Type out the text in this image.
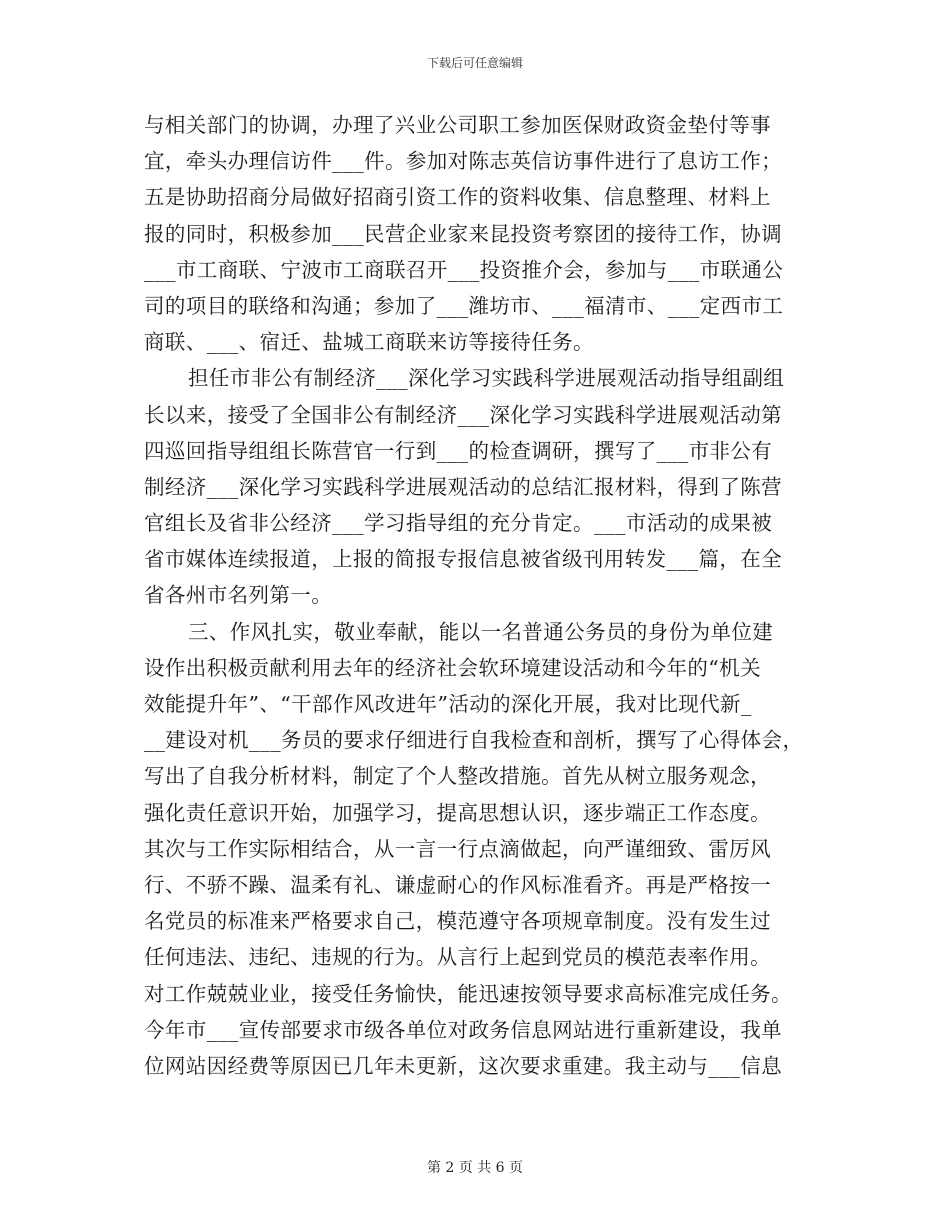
下载后可任意编辑
与相关部门的协调，办理了兴业公司职工参加医保财政资金垫付等事
宜，牵头办理信访件___件。参加对陈志英信访事件进行了息访工作；
五是协助招商分局做好招商引资工作的资料收集、信息整理、材料上
报的同时，积极参加___民营企业家来昆投资考察团的接待工作，协调
___市工商联、宁波市工商联召开___投资推介会，参加与___市联通公
司的项目的联络和沟通；参加了___潍坊市、___福清市、___定西市工
商联、___、宿迁、盐城工商联来访等接待任务。
担任市非公有制经济___深化学习实践科学进展观活动指导组副组
长以来，接受了全国非公有制经济___深化学习实践科学进展观活动第
四巡回指导组组长陈营官一行到___的检查调研，撰写了___市非公有
制经济___深化学习实践科学进展观活动的总结汇报材料，得到了陈营
官组长及省非公经济___学习指导组的充分肯定。___市活动的成果被
省市媒体连续报道，上报的简报专报信息被省级刊用转发___篇，在全
省各州市名列第一。
三、作风扎实，敬业奉献，能以一名普通公务员的身份为单位建
设作出积极贡献利用去年的经济社会软环境建设活动和今年的“机关
效能提升年”、“干部作风改进年”活动的深化开展，我对比现代新_
__建设对机___务员的要求仔细进行自我检查和剖析，撰写了心得体会，
写出了自我分析材料，制定了个人整改措施。首先从树立服务观念，
强化责任意识开始，加强学习，提高思想认识，逐步端正工作态度。
其次与工作实际相结合，从一言一行点滴做起，向严谨细致、雷厉风
行、不骄不躁、温柔有礼、谦虚耐心的作风标准看齐。再是严格按一
名党员的标准来严格要求自己，模范遵守各项规章制度。没有发生过
任何违法、违纪、违规的行为。从言行上起到党员的模范表率作用。
对工作兢兢业业，接受任务愉快，能迅速按领导要求高标准完成任务。
今年市___宣传部要求市级各单位对政务信息网站进行重新建设，我单
位网站因经费等原因已几年未更新，这次要求重建。我主动与___信息
第 2 页 共 6 页
